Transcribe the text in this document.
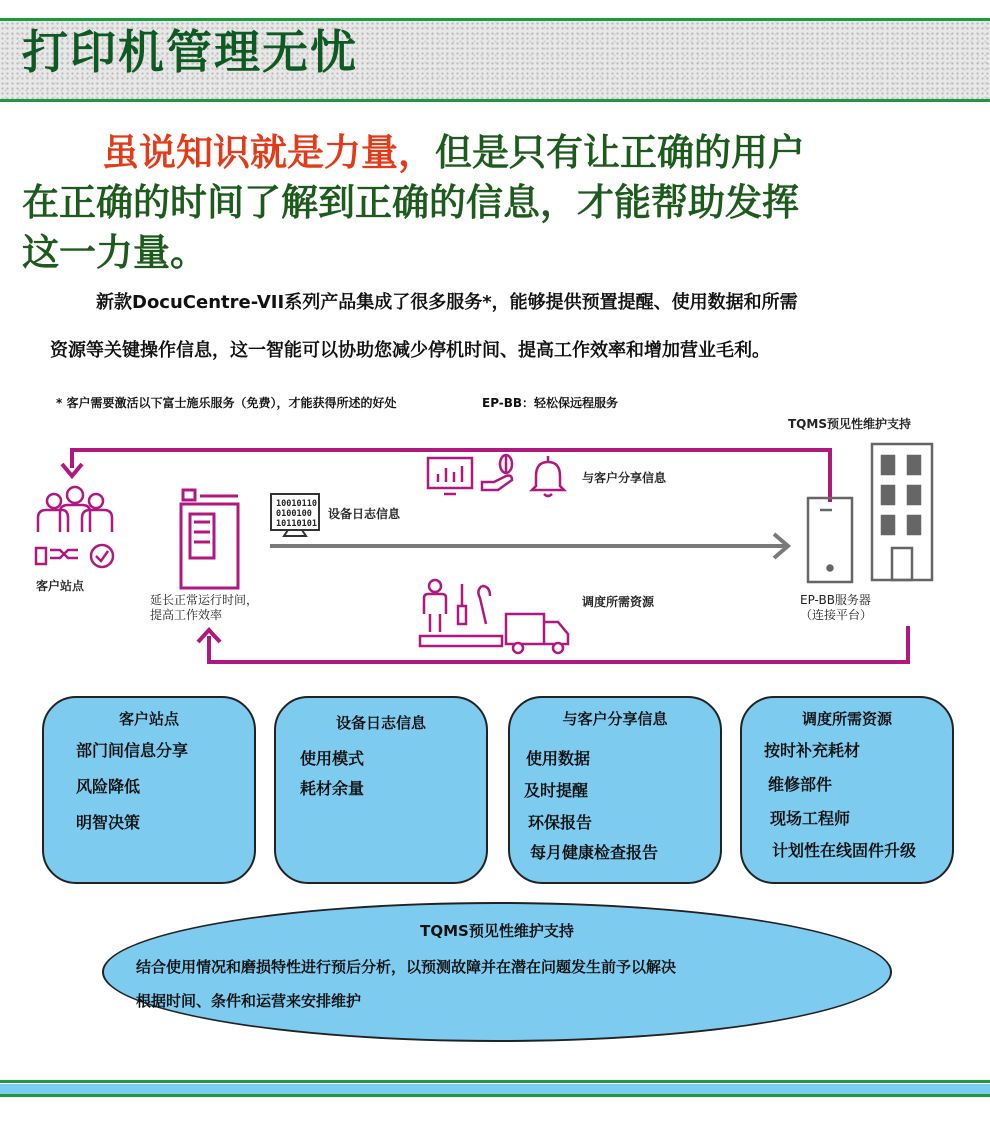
打印机管理无忧
虽说知识就是力量，但是只有让正确的用户
在正确的时间了解到正确的信息，才能帮助发挥
这一力量。
新款DocuCentre-VII系列产品集成了很多服务*，能够提供预置提醒、使用数据和所需
资源等关键操作信息，这一智能可以协助您减少停机时间、提高工作效率和增加营业毛利。
* 客户需要激活以下富士施乐服务（免费），才能获得所述的好处	EP-BB：轻松保远程服务
10010110
0100100
10110101
TQMS预见性维护支持
与客户分享信息
设备日志信息
客户站点
延长正常运行时间，
提高工作效率
调度所需资源	EP-BB服务器
（连接平台）
客户站点
部门间信息分享
风险降低
明智决策
设备日志信息
使用模式
耗材余量
与客户分享信息
使用数据
及时提醒
环保报告
每月健康检查报告
调度所需资源
按时补充耗材
维修部件
现场工程师
计划性在线固件升级
TQMS预见性维护支持
结合使用情况和磨损特性进行预后分析，以预测故障并在潜在问题发生前予以解决
根据时间、条件和运营来安排维护
